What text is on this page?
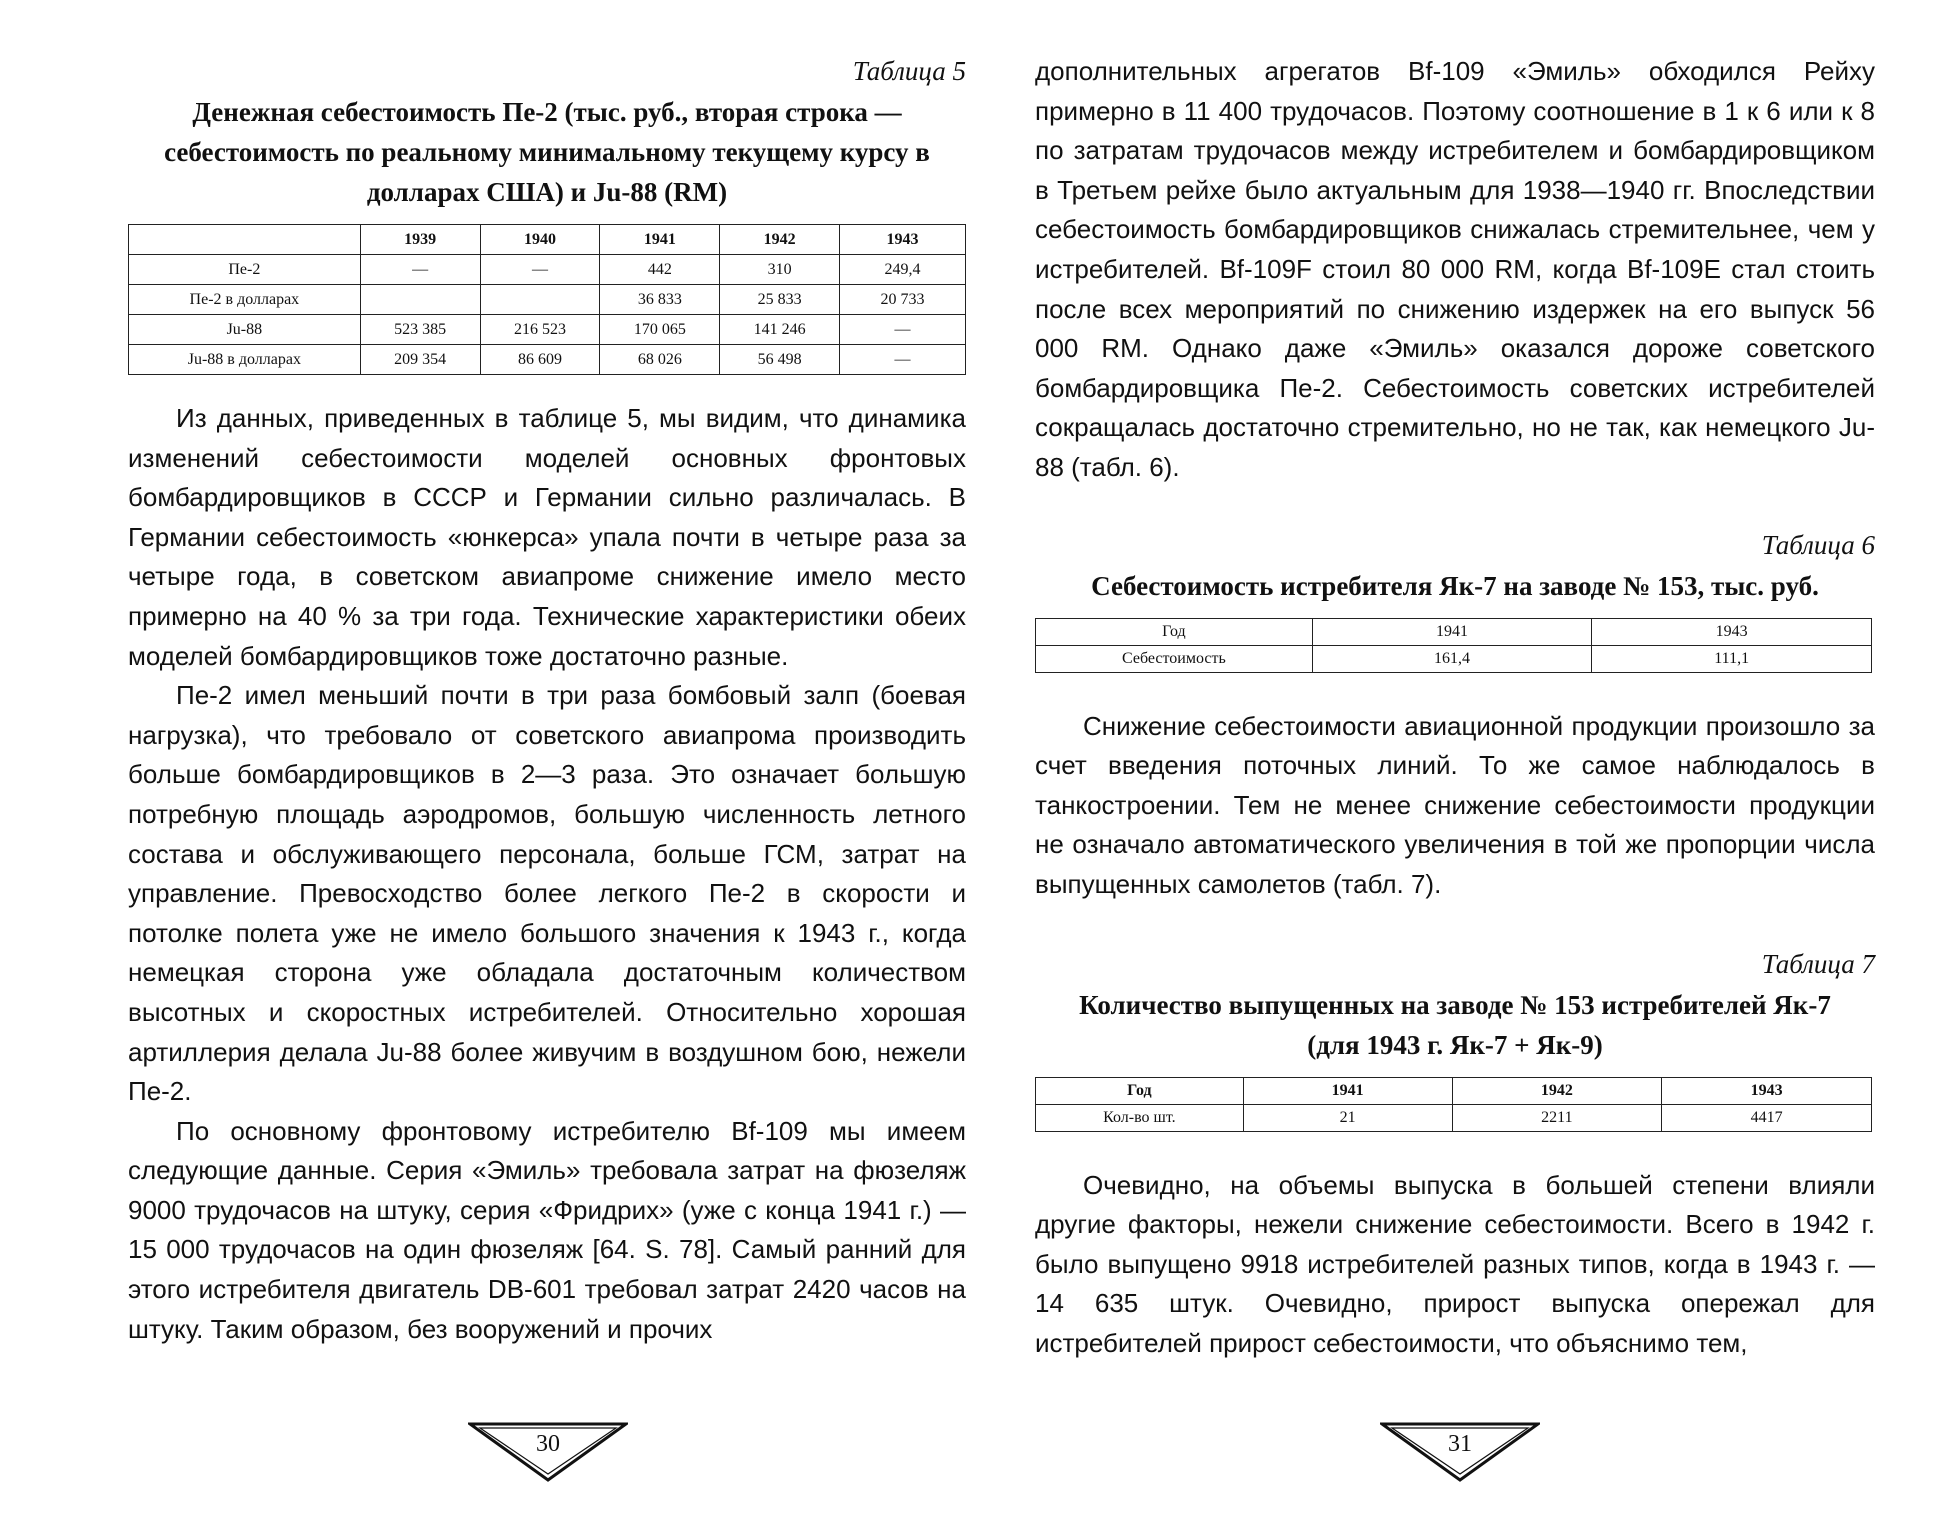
Таблица 5
Денежная себестоимость Пе-2 (тыс. руб., вторая строка — себестоимость по реальному минимальному текущему курсу в долларах США) и Ju-88 (RM)
	1939	1940	1941	1942	1943
Пе-2	—	—	442	310	249,4
Пе-2 в долларах			36 833	25 833	20 733
Ju-88	523 385	216 523	170 065	141 246	—
Ju-88 в долларах	209 354	86 609	68 026	56 498	—

Из данных, приведенных в таблице 5, мы видим, что динамика изменений себестоимости моделей основных фронтовых бомбардировщиков в СССР и Германии сильно различалась. В Германии себестоимость «юнкерса» упала почти в четыре раза за четыре года, в советском авиапроме снижение имело место примерно на 40 % за три года. Технические характеристики обеих моделей бомбардировщиков тоже достаточно разные.

Пе-2 имел меньший почти в три раза бомбовый залп (боевая нагрузка), что требовало от советского авиапрома производить больше бомбардировщиков в 2—3 раза. Это означает большую потребную площадь аэродромов, большую численность летного состава и обслуживающего персонала, больше ГСМ, затрат на управление. Превосходство более легкого Пе-2 в скорости и потолке полета уже не имело большого значения к 1943 г., когда немецкая сторона уже обладала достаточным количеством высотных и скоростных истребителей. Относительно хорошая артиллерия делала Ju-88 более живучим в воздушном бою, нежели Пе-2.

По основному фронтовому истребителю Bf-109 мы имеем следующие данные. Серия «Эмиль» требовала затрат на фюзеляж 9000 трудочасов на штуку, серия «Фридрих» (уже с конца 1941 г.) — 15 000 трудочасов на один фюзеляж [64. S. 78]. Самый ранний для этого истребителя двигатель DB-601 требовал затрат 2420 часов на штуку. Таким образом, без вооружений и прочих

30

дополнительных агрегатов Bf-109 «Эмиль» обходился Рейху примерно в 11 400 трудочасов. Поэтому соотношение в 1 к 6 или к 8 по затратам трудочасов между истребителем и бомбардировщиком в Третьем рейхе было актуальным для 1938—1940 гг. Впоследствии себестоимость бомбардировщиков снижалась стремительнее, чем у истребителей. Bf-109F стоил 80 000 RM, когда Bf-109E стал стоить после всех мероприятий по снижению издержек на его выпуск 56 000 RM. Однако даже «Эмиль» оказался дороже советского бомбардировщика Пе-2. Себестоимость советских истребителей сокращалась достаточно стремительно, но не так, как немецкого Ju-88 (табл. 6).

Таблица 6
Себестоимость истребителя Як-7 на заводе № 153, тыс. руб.
Год	1941	1943
Себестоимость	161,4	111,1

Снижение себестоимости авиационной продукции произошло за счет введения поточных линий. То же самое наблюдалось в танкостроении. Тем не менее снижение себестоимости продукции не означало автоматического увеличения в той же пропорции числа выпущенных самолетов (табл. 7).

Таблица 7
Количество выпущенных на заводе № 153 истребителей Як-7 (для 1943 г. Як-7 + Як-9)
Год	1941	1942	1943
Кол-во шт.	21	2211	4417

Очевидно, на объемы выпуска в большей степени влияли другие факторы, нежели снижение себестоимости. Всего в 1942 г. было выпущено 9918 истребителей разных типов, когда в 1943 г. — 14 635 штук. Очевидно, прирост выпуска опережал для истребителей прирост себестоимости, что объяснимо тем,

31
